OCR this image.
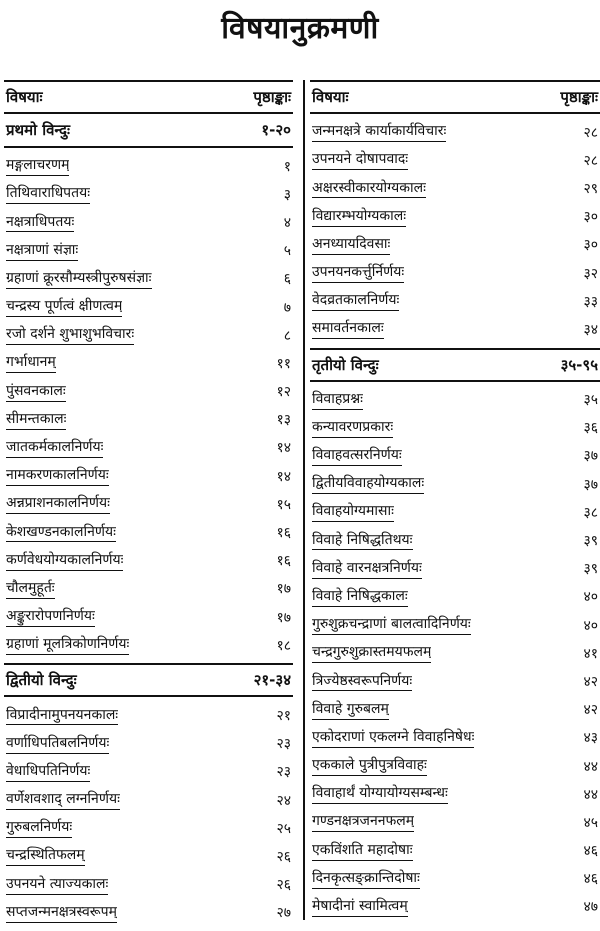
विषयानुक्रमणी
विषयाः	पृष्ठाङ्काः
प्रथमो विन्दुः	१-२०
मङ्गलाचरणम्	१
तिथिवाराधिपतयः	३
नक्षत्राधिपतयः	४
नक्षत्राणां संज्ञाः	५
ग्रहाणां क्रूरसौम्यस्त्रीपुरुषसंज्ञाः	६
चन्द्रस्य पूर्णत्वं क्षीणत्वम्	७
रजो दर्शने शुभाशुभविचारः	८
गर्भाधानम्	११
पुंसवनकालः	१२
सीमन्तकालः	१३
जातकर्मकालनिर्णयः	१४
नामकरणकालनिर्णयः	१४
अन्नप्राशनकालनिर्णयः	१५
केशखण्डनकालनिर्णयः	१६
कर्णवेधयोग्यकालनिर्णयः	१६
चौलमुहूर्तः	१७
अङ्कुरारोपणनिर्णयः	१७
ग्रहाणां मूलत्रिकोणनिर्णयः	१८
द्वितीयो विन्दुः	२१-३४
विप्रादीनामुपनयनकालः	२१
वर्णाधिपतिबलनिर्णयः	२३
वेधाधिपतिनिर्णयः	२३
वर्णेशवशाद् लग्ननिर्णयः	२४
गुरुबलनिर्णयः	२५
चन्द्रस्थितिफलम्	२६
उपनयने त्याज्यकालः	२६
सप्तजन्मनक्षत्रस्वरूपम्	२७
विषयाः	पृष्ठाङ्काः
जन्मनक्षत्रे कार्याकार्यविचारः	२८
उपनयने दोषापवादः	२८
अक्षरस्वीकारयोग्यकालः	२९
विद्यारम्भयोग्यकालः	३०
अनध्यायदिवसाः	३०
उपनयनकर्त्तुर्निर्णयः	३२
वेदव्रतकालनिर्णयः	३३
समावर्तनकालः	३४
तृतीयो विन्दुः	३५-९५
विवाहप्रश्नः	३५
कन्यावरणप्रकारः	३६
विवाहवत्सरनिर्णयः	३७
द्वितीयविवाहयोग्यकालः	३७
विवाहयोग्यमासाः	३८
विवाहे निषिद्धतिथयः	३९
विवाहे वारनक्षत्रनिर्णयः	३९
विवाहे निषिद्धकालः	४०
गुरुशुक्रचन्द्राणां बालत्वादिनिर्णयः	४०
चन्द्रगुरुशुक्रास्तमयफलम्	४१
त्रिज्येष्ठस्वरूपनिर्णयः	४२
विवाहे गुरुबलम्	४२
एकोदराणां एकलग्ने विवाहनिषेधः	४३
एककाले पुत्रीपुत्रविवाहः	४४
विवाहार्थं योग्यायोग्यसम्बन्धः	४४
गण्डनक्षत्रजननफलम्	४५
एकविंशति महादोषाः	४६
दिनकृत्सङ्क्रान्तिदोषाः	४६
मेषादीनां स्वामित्वम्	४७
